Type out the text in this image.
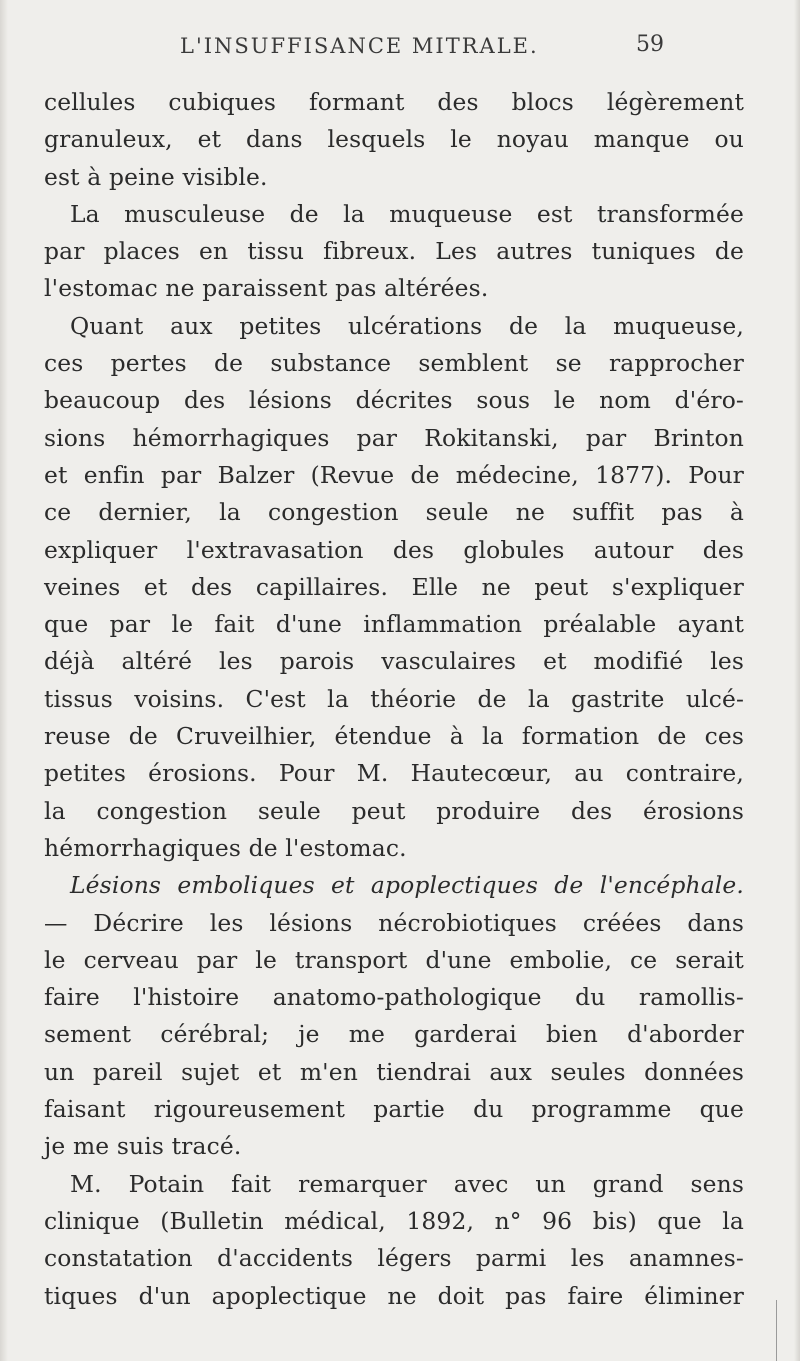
L'INSUFFISANCE MITRALE.	59
cellules cubiques formant des blocs légèrement
granuleux, et dans lesquels le noyau manque ou
est à peine visible.
La musculeuse de la muqueuse est transformée
par places en tissu fibreux. Les autres tuniques de
l'estomac ne paraissent pas altérées.
Quant aux petites ulcérations de la muqueuse,
ces pertes de substance semblent se rapprocher
beaucoup des lésions décrites sous le nom d'éro-
sions hémorrhagiques par Rokitanski, par Brinton
et enfin par Balzer (Revue de médecine, 1877). Pour
ce dernier, la congestion seule ne suffit pas à
expliquer l'extravasation des globules autour des
veines et des capillaires. Elle ne peut s'expliquer
que par le fait d'une inflammation préalable ayant
déjà altéré les parois vasculaires et modifié les
tissus voisins. C'est la théorie de la gastrite ulcé-
reuse de Cruveilhier, étendue à la formation de ces
petites érosions. Pour M. Hautecœur, au contraire,
la congestion seule peut produire des érosions
hémorrhagiques de l'estomac.
Lésions emboliques et apoplectiques de l'encéphale.
— Décrire les lésions nécrobiotiques créées dans
le cerveau par le transport d'une embolie, ce serait
faire l'histoire anatomo-pathologique du ramollis-
sement cérébral; je me garderai bien d'aborder
un pareil sujet et m'en tiendrai aux seules données
faisant rigoureusement partie du programme que
je me suis tracé.
M. Potain fait remarquer avec un grand sens
clinique (Bulletin médical, 1892, n° 96 bis) que la
constatation d'accidents légers parmi les anamnes-
tiques d'un apoplectique ne doit pas faire éliminer
